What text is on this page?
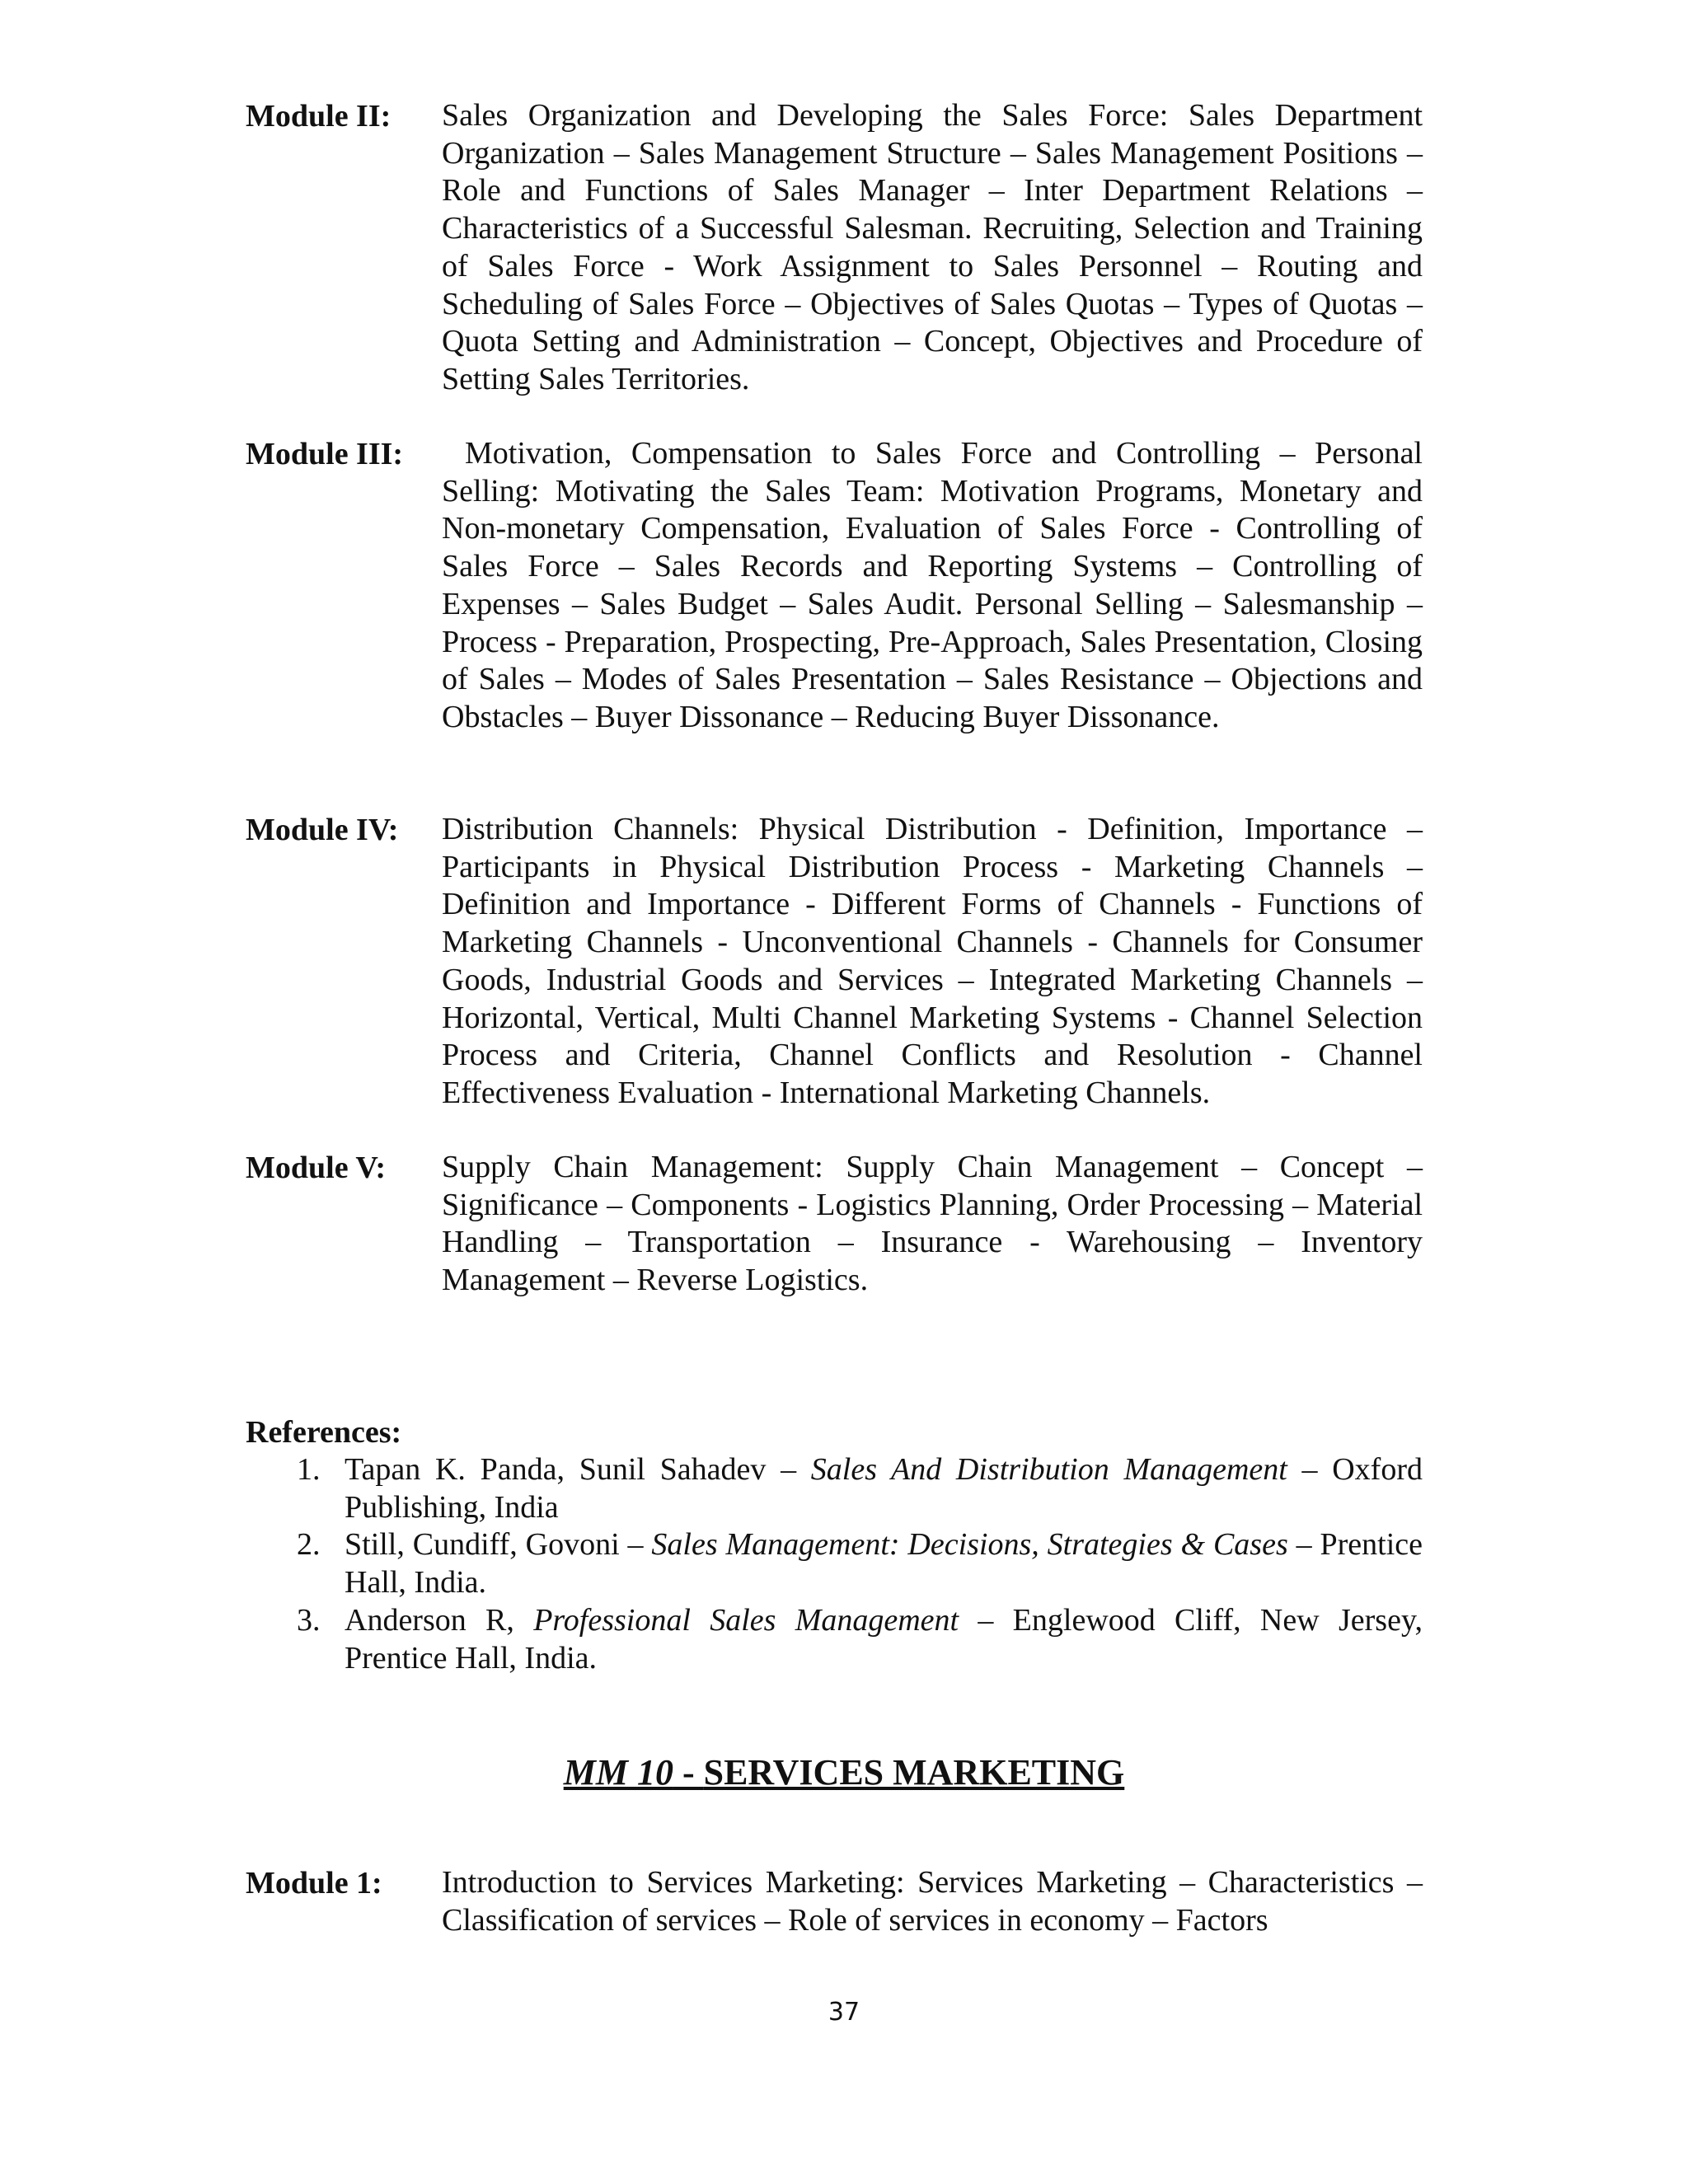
Module II: Sales Organization and Developing the Sales Force: Sales Department Organization – Sales Management Structure – Sales Management Positions – Role and Functions of Sales Manager – Inter Department Relations – Characteristics of a Successful Salesman. Recruiting, Selection and Training of Sales Force - Work Assignment to Sales Personnel – Routing and Scheduling of Sales Force – Objectives of Sales Quotas – Types of Quotas – Quota Setting and Administration – Concept, Objectives and Procedure of Setting Sales Territories.
Module III:	Motivation, Compensation to Sales Force and Controlling – Personal Selling: Motivating the Sales Team: Motivation Programs, Monetary and Non-monetary Compensation, Evaluation of Sales Force - Controlling of Sales Force – Sales Records and Reporting Systems – Controlling of Expenses – Sales Budget – Sales Audit. Personal Selling – Salesmanship – Process - Preparation, Prospecting, Pre-Approach, Sales Presentation, Closing of Sales – Modes of Sales Presentation – Sales Resistance – Objections and Obstacles – Buyer Dissonance – Reducing Buyer Dissonance.
Module IV: Distribution Channels: Physical Distribution - Definition, Importance – Participants in Physical Distribution Process - Marketing Channels – Definition and Importance - Different Forms of Channels - Functions of Marketing Channels - Unconventional Channels - Channels for Consumer Goods, Industrial Goods and Services – Integrated Marketing Channels – Horizontal, Vertical, Multi Channel Marketing Systems - Channel Selection Process and Criteria, Channel Conflicts and Resolution - Channel Effectiveness Evaluation - International Marketing Channels.
Module V: Supply Chain Management: Supply Chain Management – Concept – Significance – Components - Logistics Planning, Order Processing – Material Handling – Transportation – Insurance - Warehousing – Inventory Management – Reverse Logistics.
References:
1. Tapan K. Panda, Sunil Sahadev – Sales And Distribution Management – Oxford Publishing, India
2. Still, Cundiff, Govoni – Sales Management: Decisions, Strategies & Cases – Prentice Hall, India.
3. Anderson R, Professional Sales Management – Englewood Cliff, New Jersey, Prentice Hall, India.
MM 10 - SERVICES MARKETING
Module 1: Introduction to Services Marketing: Services Marketing – Characteristics – Classification of services – Role of services in economy – Factors
37
